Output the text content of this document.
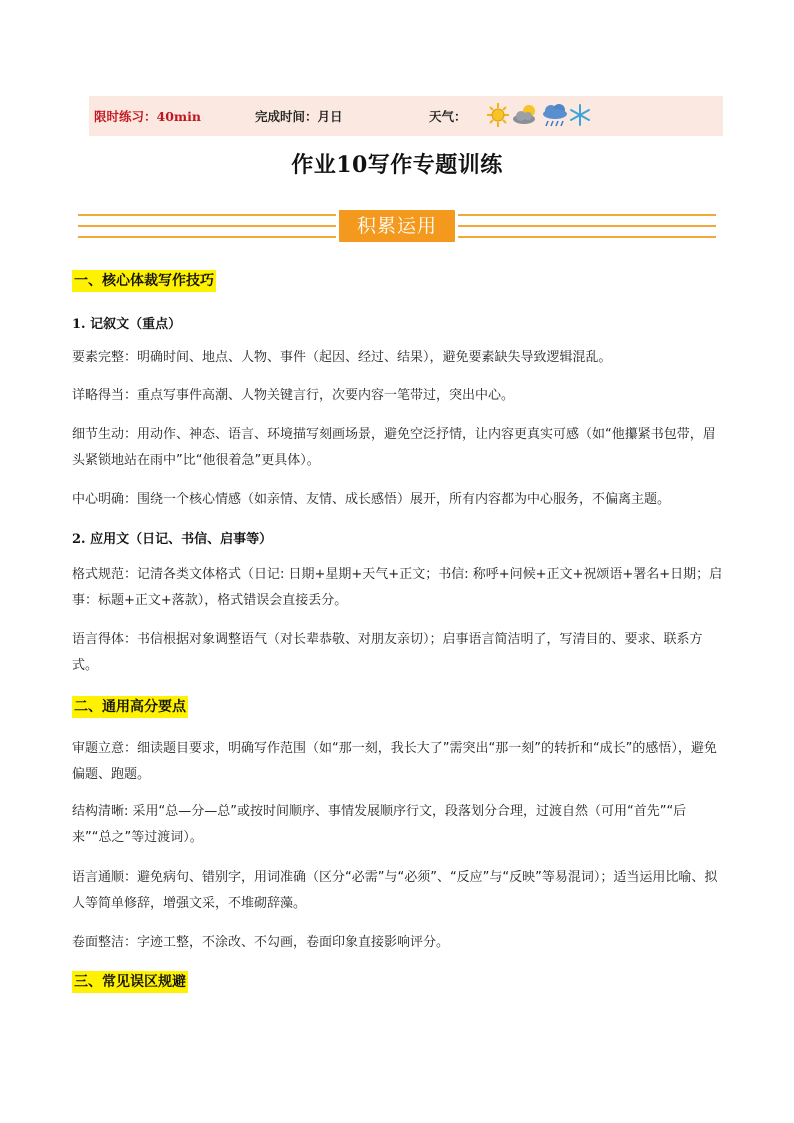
限时练习：40min	完成时间：月日	天气：
作业10写作专题训练
积累运用
一、核心体裁写作技巧
1. 记叙文（重点）
要素完整：明确时间、地点、人物、事件（起因、经过、结果），避免要素缺失导致逻辑混乱。
详略得当：重点写事件高潮、人物关键言行，次要内容一笔带过，突出中心。
细节生动：用动作、神态、语言、环境描写刻画场景，避免空泛抒情，让内容更真实可感（如“他攥紧书包带，眉头紧锁地站在雨中”比“他很着急”更具体）。
中心明确：围绕一个核心情感（如亲情、友情、成长感悟）展开，所有内容都为中心服务，不偏离主题。
2. 应用文（日记、书信、启事等）
格式规范：记清各类文体格式（日记: 日期+星期+天气+正文；书信: 称呼+问候+正文+祝颂语+署名+日期；启事：标题+正文+落款），格式错误会直接丢分。
语言得体：书信根据对象调整语气（对长辈恭敬、对朋友亲切）；启事语言简洁明了，写清目的、要求、联系方式。
二、通用高分要点
审题立意：细读题目要求，明确写作范围（如“那一刻，我长大了”需突出“那一刻”的转折和“成长”的感悟），避免偏题、跑题。
结构清晰: 采用“总—分—总”或按时间顺序、事情发展顺序行文，段落划分合理，过渡自然（可用“首先”“后来”“总之”等过渡词）。
语言通顺：避免病句、错别字，用词准确（区分“必需”与“必须”、“反应”与“反映”等易混词）；适当运用比喻、拟人等简单修辞，增强文采，不堆砌辞藻。
卷面整洁：字迹工整，不涂改、不勾画，卷面印象直接影响评分。
三、常见误区规避
